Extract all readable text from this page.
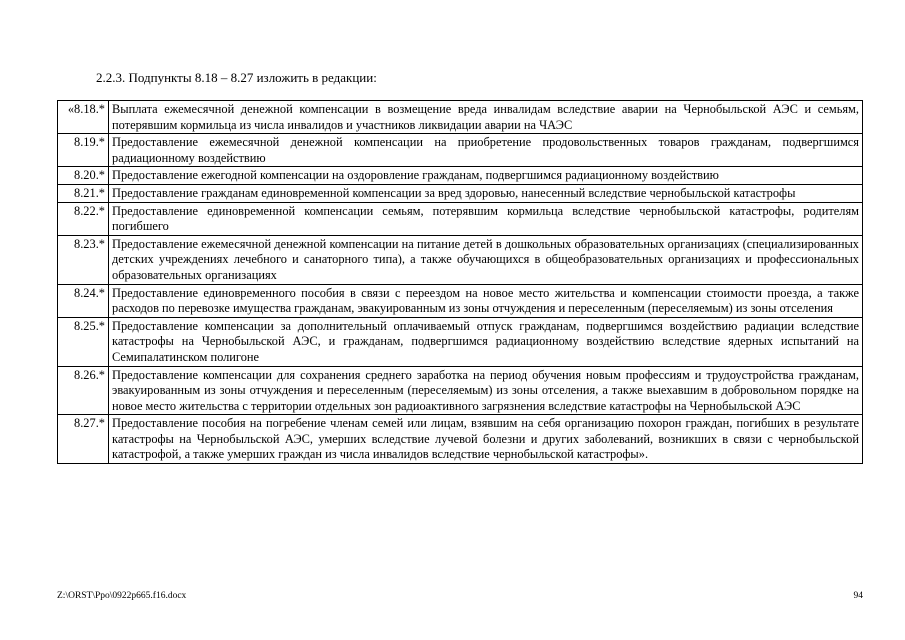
2.2.3. Подпункты 8.18 – 8.27 изложить в редакции:
«8.18.*	Выплата ежемесячной денежной компенсации в возмещение вреда инвалидам вследствие аварии на Чернобыльской АЭС и семьям, потерявшим кормильца из числа инвалидов и участников ликвидации аварии на ЧАЭС
8.19.*	Предоставление ежемесячной денежной компенсации на приобретение продовольственных товаров гражданам, подвергшимся радиационному воздействию
8.20.*	Предоставление ежегодной компенсации на оздоровление гражданам, подвергшимся радиационному воздействию
8.21.*	Предоставление гражданам единовременной компенсации за вред здоровью, нанесенный вследствие чернобыльской катастрофы
8.22.*	Предоставление единовременной компенсации семьям, потерявшим кормильца вследствие чернобыльской катастрофы, родителям погибшего
8.23.*	Предоставление ежемесячной денежной компенсации на питание детей в дошкольных образовательных организациях (специализированных детских учреждениях лечебного и санаторного типа), а также обучающихся в общеобразовательных организациях и профессиональных образовательных организациях
8.24.*	Предоставление единовременного пособия в связи с переездом на новое место жительства и компенсации стоимости проезда, а также расходов по перевозке имущества гражданам, эвакуированным из зоны отчуждения и переселенным (переселяемым) из зоны отселения
8.25.*	Предоставление компенсации за дополнительный оплачиваемый отпуск гражданам, подвергшимся воздействию радиации вследствие катастрофы на Чернобыльской АЭС, и гражданам, подвергшимся радиационному воздействию вследствие ядерных испытаний на Семипалатинском полигоне
8.26.*	Предоставление компенсации для сохранения среднего заработка на период обучения новым профессиям и трудоустройства гражданам, эвакуированным из зоны отчуждения и переселенным (переселяемым) из зоны отселения, а также выехавшим в добровольном порядке на новое место жительства с территории отдельных зон радиоактивного загрязнения вследствие катастрофы на Чернобыльской АЭС
8.27.*	Предоставление пособия на погребение членам семей или лицам, взявшим на себя организацию похорон граждан, погибших в результате катастрофы на Чернобыльской АЭС, умерших вследствие лучевой болезни и других заболеваний, возникших в связи с чернобыльской катастрофой, а также умерших граждан из числа инвалидов вследствие чернобыльской катастрофы».
Z:\ORST\Ppo\0922p665.f16.docx	94
